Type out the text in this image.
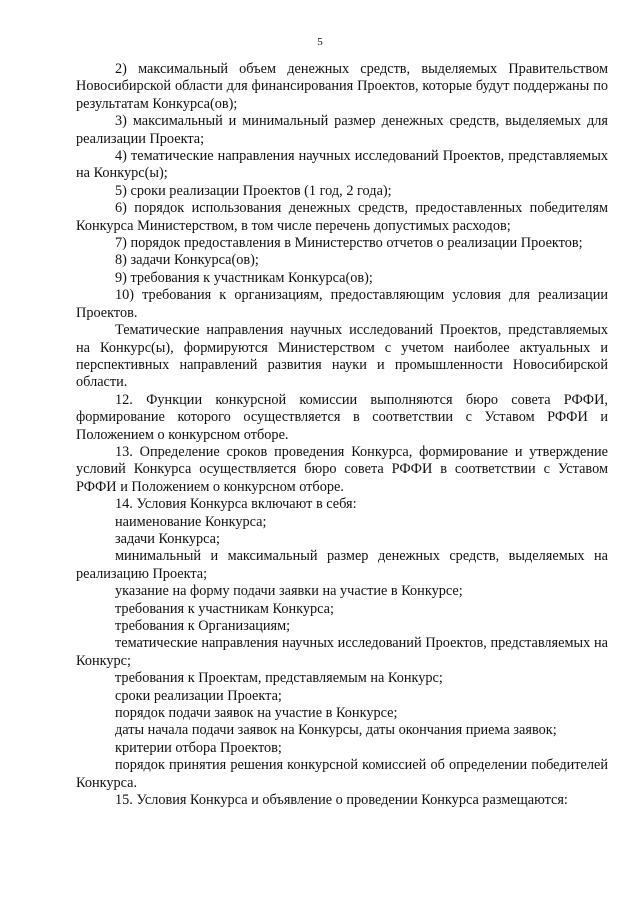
5

2) максимальный объем денежных средств, выделяемых Правительством Новосибирской области для финансирования Проектов, которые будут поддержаны по результатам Конкурса(ов);

3) максимальный и минимальный размер денежных средств, выделяемых для реализации Проекта;

4) тематические направления научных исследований Проектов, представляемых на Конкурс(ы);

5) сроки реализации Проектов (1 год, 2 года);

6) порядок использования денежных средств, предоставленных победителям Конкурса Министерством, в том числе перечень допустимых расходов;

7) порядок предоставления в Министерство отчетов о реализации Проектов;

8) задачи Конкурса(ов);

9) требования к участникам Конкурса(ов);

10) требования к организациям, предоставляющим условия для реализации Проектов.

Тематические направления научных исследований Проектов, представляемых на Конкурс(ы), формируются Министерством с учетом наиболее актуальных и перспективных направлений развития науки и промышленности Новосибирской области.

12. Функции конкурсной комиссии выполняются бюро совета РФФИ, формирование которого осуществляется в соответствии с Уставом РФФИ и Положением о конкурсном отборе.

13. Определение сроков проведения Конкурса, формирование и утверждение условий Конкурса осуществляется бюро совета РФФИ в соответствии с Уставом РФФИ и Положением о конкурсном отборе.

14. Условия Конкурса включают в себя:

наименование Конкурса;

задачи Конкурса;

минимальный и максимальный размер денежных средств, выделяемых на реализацию Проекта;

указание на форму подачи заявки на участие в Конкурсе;

требования к участникам Конкурса;

требования к Организациям;

тематические направления научных исследований Проектов, представляемых на Конкурс;

требования к Проектам, представляемым на Конкурс;

сроки реализации Проекта;

порядок подачи заявок на участие в Конкурсе;

даты начала подачи заявок на Конкурсы, даты окончания приема заявок;

критерии отбора Проектов;

порядок принятия решения конкурсной комиссией об определении победителей Конкурса.

15. Условия Конкурса и объявление о проведении Конкурса размещаются:
